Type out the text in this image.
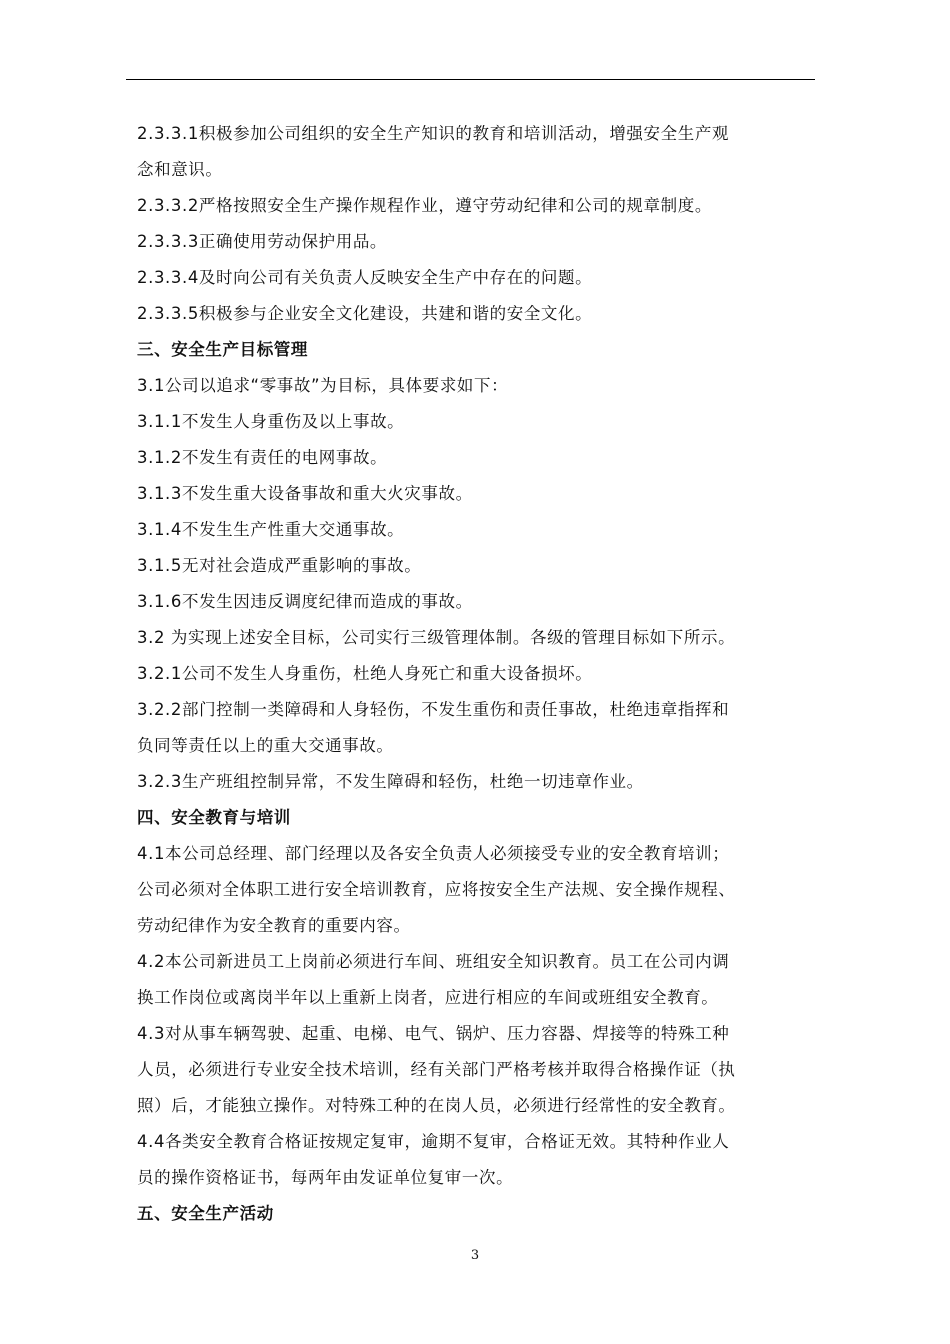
2.3.3.1积极参加公司组织的安全生产知识的教育和培训活动，增强安全生产观
念和意识。
2.3.3.2严格按照安全生产操作规程作业，遵守劳动纪律和公司的规章制度。
2.3.3.3正确使用劳动保护用品。
2.3.3.4及时向公司有关负责人反映安全生产中存在的问题。
2.3.3.5积极参与企业安全文化建设，共建和谐的安全文化。
三、安全生产目标管理
3.1公司以追求“零事故”为目标，具体要求如下：
3.1.1不发生人身重伤及以上事故。
3.1.2不发生有责任的电网事故。
3.1.3不发生重大设备事故和重大火灾事故。
3.1.4不发生生产性重大交通事故。
3.1.5无对社会造成严重影响的事故。
3.1.6不发生因违反调度纪律而造成的事故。
3.2 为实现上述安全目标，公司实行三级管理体制。各级的管理目标如下所示。
3.2.1公司不发生人身重伤，杜绝人身死亡和重大设备损坏。
3.2.2部门控制一类障碍和人身轻伤，不发生重伤和责任事故，杜绝违章指挥和
负同等责任以上的重大交通事故。
3.2.3生产班组控制异常，不发生障碍和轻伤，杜绝一切违章作业。
四、安全教育与培训
4.1本公司总经理、部门经理以及各安全负责人必须接受专业的安全教育培训；
公司必须对全体职工进行安全培训教育，应将按安全生产法规、安全操作规程、
劳动纪律作为安全教育的重要内容。
4.2本公司新进员工上岗前必须进行车间、班组安全知识教育。员工在公司内调
换工作岗位或离岗半年以上重新上岗者，应进行相应的车间或班组安全教育。
4.3对从事车辆驾驶、起重、电梯、电气、锅炉、压力容器、焊接等的特殊工种
人员，必须进行专业安全技术培训，经有关部门严格考核并取得合格操作证（执
照）后，才能独立操作。对特殊工种的在岗人员，必须进行经常性的安全教育。
4.4各类安全教育合格证按规定复审，逾期不复审，合格证无效。其特种作业人
员的操作资格证书，每两年由发证单位复审一次。
五、安全生产活动
3
